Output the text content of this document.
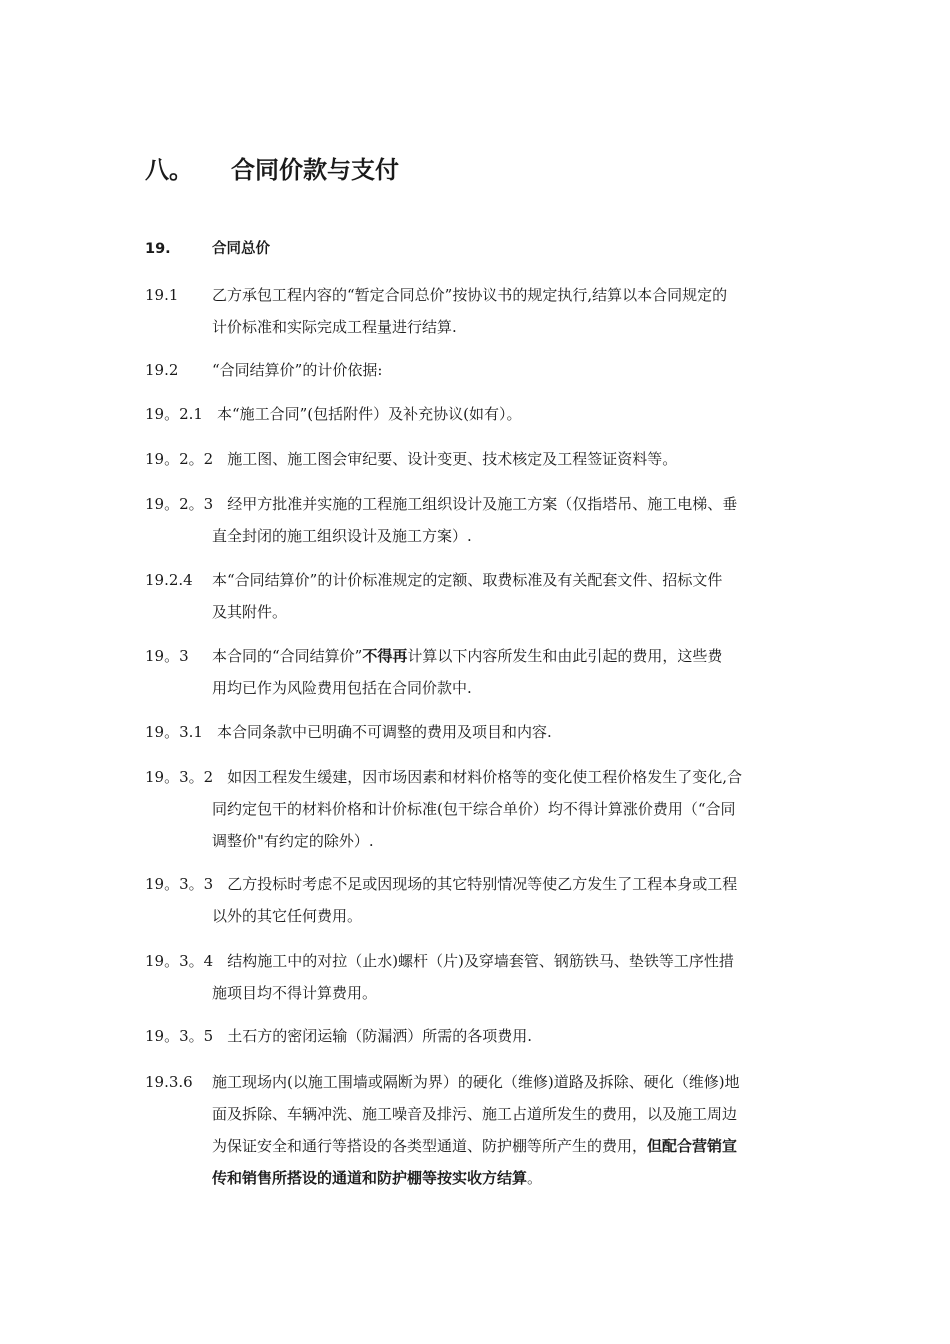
八。 合同价款与支付
19.	合同总价
19.1 乙方承包工程内容的“暂定合同总价”按协议书的规定执行,结算以本合同规定的
计价标准和实际完成工程量进行结算.
19.2 “合同结算价”的计价依据:
19。2.1 本“施工合同”(包括附件）及补充协议(如有）。
19。2。2 施工图、施工图会审纪要、设计变更、技术核定及工程签证资料等。
19。2。3 经甲方批准并实施的工程施工组织设计及施工方案（仅指塔吊、施工电梯、垂
直全封闭的施工组织设计及施工方案）.
19.2.4 本“合同结算价”的计价标准规定的定额、取费标准及有关配套文件、招标文件
及其附件。
19。3 本合同的“合同结算价”不得再计算以下内容所发生和由此引起的费用，这些费
用均已作为风险费用包括在合同价款中.
19。3.1 本合同条款中已明确不可调整的费用及项目和内容.
19。3。2 如因工程发生缓建，因市场因素和材料价格等的变化使工程价格发生了变化,合
同约定包干的材料价格和计价标准(包干综合单价）均不得计算涨价费用（“合同
调整价"有约定的除外）.
19。3。3 乙方投标时考虑不足或因现场的其它特别情况等使乙方发生了工程本身或工程
以外的其它任何费用。
19。3。4 结构施工中的对拉（止水)螺杆（片)及穿墙套管、钢筋铁马、垫铁等工序性措
施项目均不得计算费用。
19。3。5 土石方的密闭运输（防漏洒）所需的各项费用.
19.3.6 施工现场内(以施工围墙或隔断为界）的硬化（维修)道路及拆除、硬化（维修)地
面及拆除、车辆冲洗、施工噪音及排污、施工占道所发生的费用，以及施工周边
为保证安全和通行等搭设的各类型通道、防护棚等所产生的费用，但配合营销宣
传和销售所搭设的通道和防护棚等按实收方结算。
